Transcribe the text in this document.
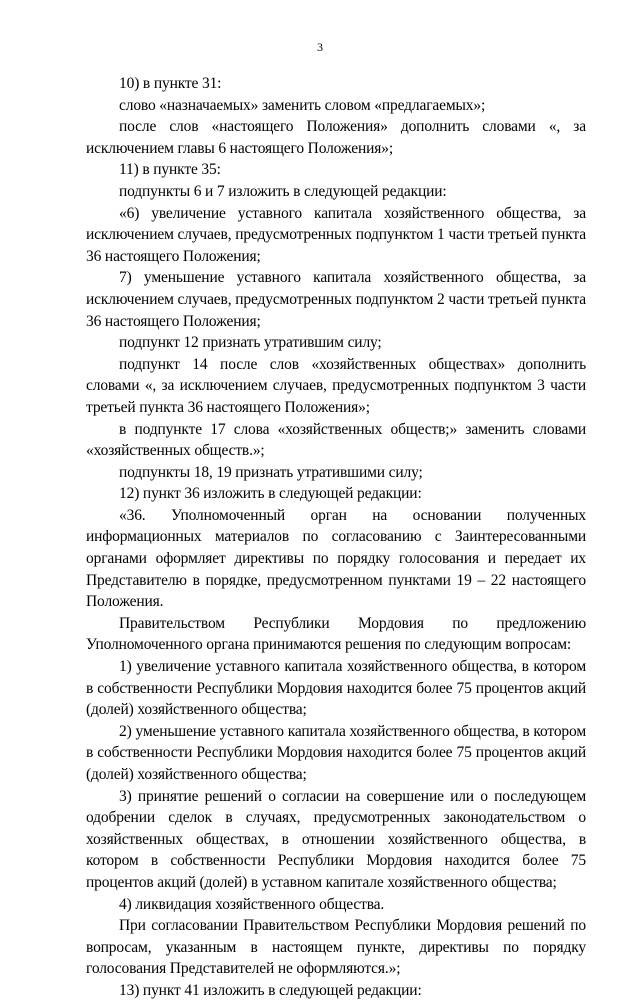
3

10) в пункте 31:

слово «назначаемых» заменить словом «предлагаемых»;

после слов «настоящего Положения» дополнить словами «, за исключением главы 6 настоящего Положения»;

11) в пункте 35:

подпункты 6 и 7 изложить в следующей редакции:

«6) увеличение уставного капитала хозяйственного общества, за исключением случаев, предусмотренных подпунктом 1 части третьей пункта 36 настоящего Положения;

7) уменьшение уставного капитала хозяйственного общества, за исключением случаев, предусмотренных подпунктом 2 части третьей пункта 36 настоящего Положения;

подпункт 12 признать утратившим силу;

подпункт 14 после слов «хозяйственных обществах» дополнить словами «, за исключением случаев, предусмотренных подпунктом 3 части третьей пункта 36 настоящего Положения»;

в подпункте 17 слова «хозяйственных обществ;» заменить словами «хозяйственных обществ.»;

подпункты 18, 19 признать утратившими силу;

12) пункт 36 изложить в следующей редакции:

«36. Уполномоченный орган на основании полученных информационных материалов по согласованию с Заинтересованными органами оформляет директивы по порядку голосования и передает их Представителю в порядке, предусмотренном пунктами 19 – 22 настоящего Положения.

Правительством Республики Мордовия по предложению Уполномоченного органа принимаются решения по следующим вопросам:

1) увеличение уставного капитала хозяйственного общества, в котором в собственности Республики Мордовия находится более 75 процентов акций (долей) хозяйственного общества;

2) уменьшение уставного капитала хозяйственного общества, в котором в собственности Республики Мордовия находится более 75 процентов акций (долей) хозяйственного общества;

3) принятие решений о согласии на совершение или о последующем одобрении сделок в случаях, предусмотренных законодательством о хозяйственных обществах, в отношении хозяйственного общества, в котором в собственности Республики Мордовия находится более 75 процентов акций (долей) в уставном капитале хозяйственного общества;

4) ликвидация хозяйственного общества.

При согласовании Правительством Республики Мордовия решений по вопросам, указанным в настоящем пункте, директивы по порядку голосования Представителей не оформляются.»;

13) пункт 41 изложить в следующей редакции:
